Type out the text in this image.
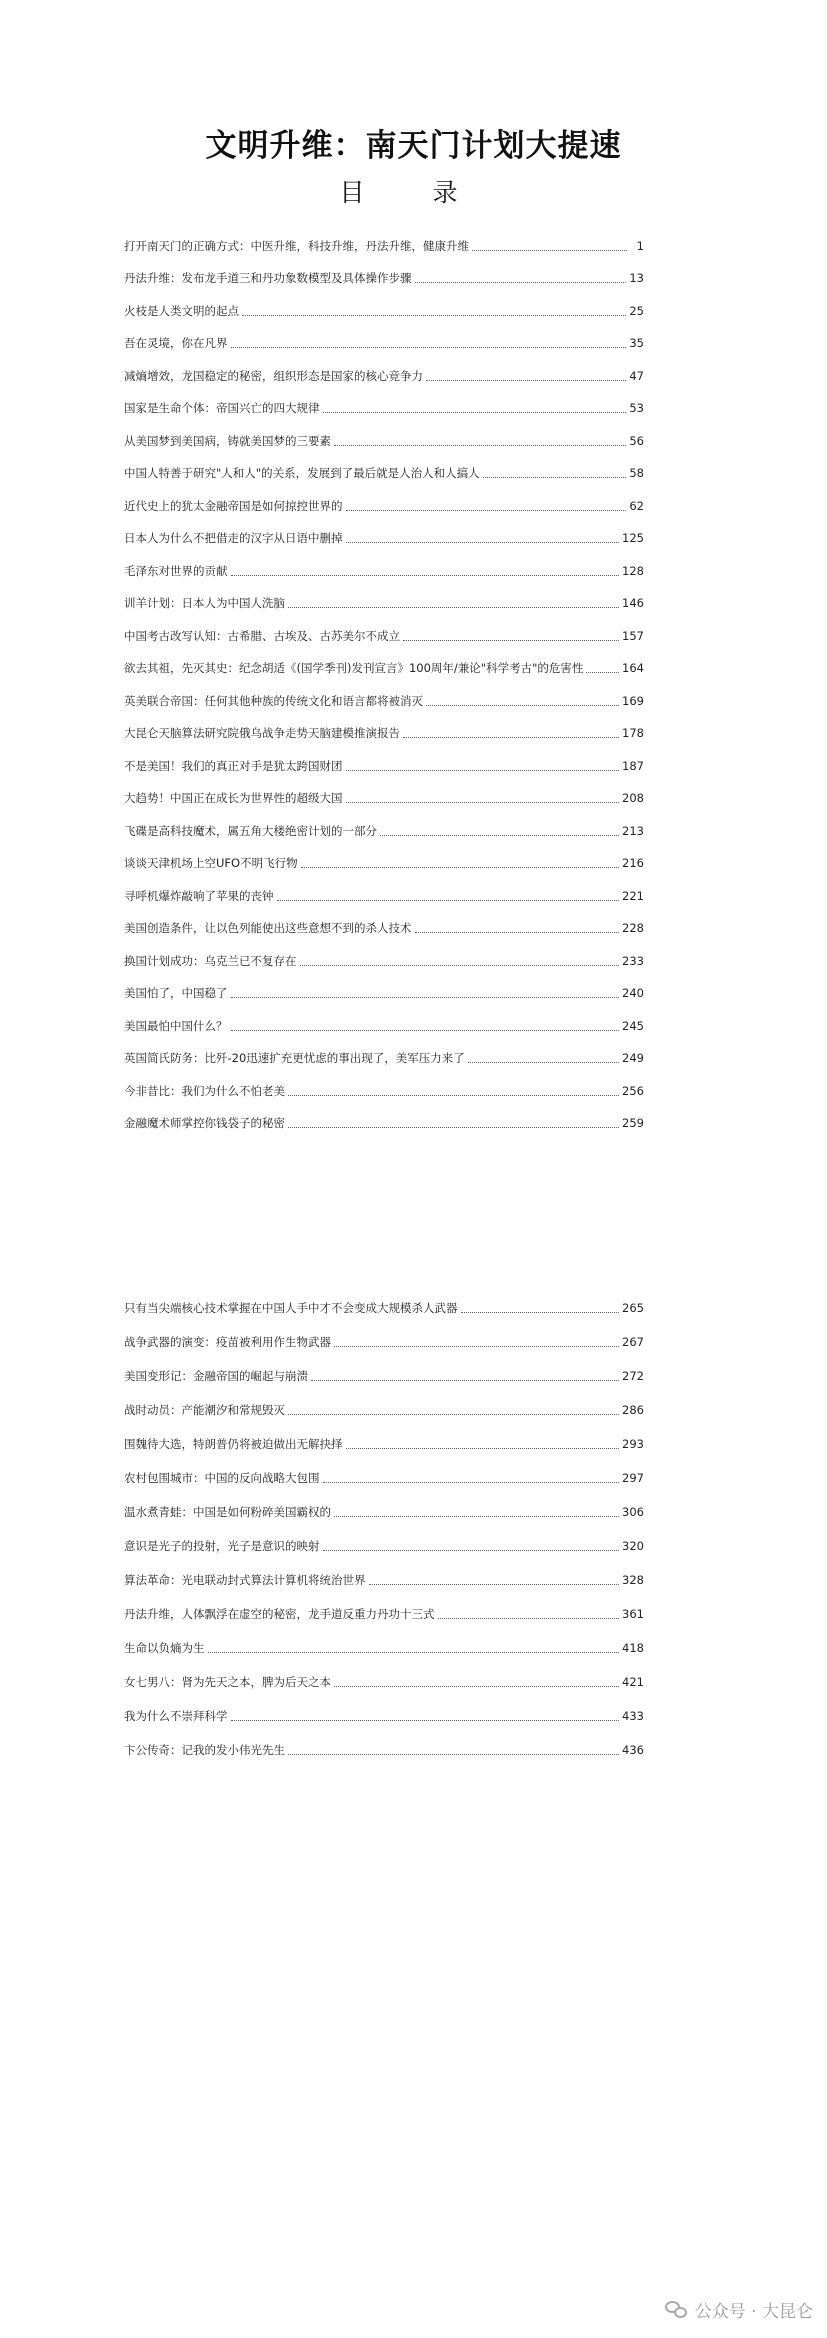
文明升维：南天门计划大提速
目 录
打开南天门的正确方式：中医升维，科技升维，丹法升维，健康升维	1
丹法升维：发布龙手道三和丹功象数模型及具体操作步骤	13
火枝是人类文明的起点	25
吾在灵境，你在凡界	35
减熵增效，龙国稳定的秘密，组织形态是国家的核心竞争力	47
国家是生命个体：帝国兴亡的四大规律	53
从美国梦到美国病，铸就美国梦的三要素	56
中国人特善于研究"人和人"的关系，发展到了最后就是人治人和人搞人	58
近代史上的犹太金融帝国是如何掠控世界的	62
日本人为什么不把借走的汉字从日语中删掉	125
毛泽东对世界的贡献	128
训羊计划：日本人为中国人洗脑	146
中国考古改写认知：古希腊、古埃及、古苏美尔不成立	157
欲去其祖，先灭其史：纪念胡适《(国学季刊)发刊宣言》100周年/兼论"科学考古"的危害性	164
英美联合帝国：任何其他种族的传统文化和语言都将被消灭	169
大昆仑天脑算法研究院俄乌战争走势天脑建模推演报告	178
不是美国！我们的真正对手是犹太跨国财团	187
大趋势！中国正在成长为世界性的超级大国	208
飞碟是高科技魔术，属五角大楼绝密计划的一部分	213
谈谈天津机场上空UFO不明飞行物	216
寻呼机爆炸敲响了苹果的丧钟	221
美国创造条件，让以色列能使出这些意想不到的杀人技术	228
换国计划成功：乌克兰已不复存在	233
美国怕了，中国稳了	240
美国最怕中国什么？	245
英国简氏防务：比歼-20迅速扩充更忧虑的事出现了，美军压力来了	249
今非昔比：我们为什么不怕老美	256
金融魔术师掌控你钱袋子的秘密	259
只有当尖端核心技术掌握在中国人手中才不会变成大规模杀人武器	265
战争武器的演变：疫苗被利用作生物武器	267
美国变形记：金融帝国的崛起与崩溃	272
战时动员：产能潮汐和常规毁灭	286
围魏待大选，特朗普仍将被迫做出无解抉择	293
农村包围城市：中国的反向战略大包围	297
温水煮青蛙：中国是如何粉碎美国霸权的	306
意识是光子的投射，光子是意识的映射	320
算法革命：光电联动封式算法计算机将统治世界	328
丹法升维，人体飘浮在虚空的秘密，龙手道反重力丹功十三式	361
生命以负熵为生	418
女七男八：肾为先天之本，脾为后天之本	421
我为什么不崇拜科学	433
卞公传奇：记我的发小伟光先生	436
公众号 · 大昆仑
